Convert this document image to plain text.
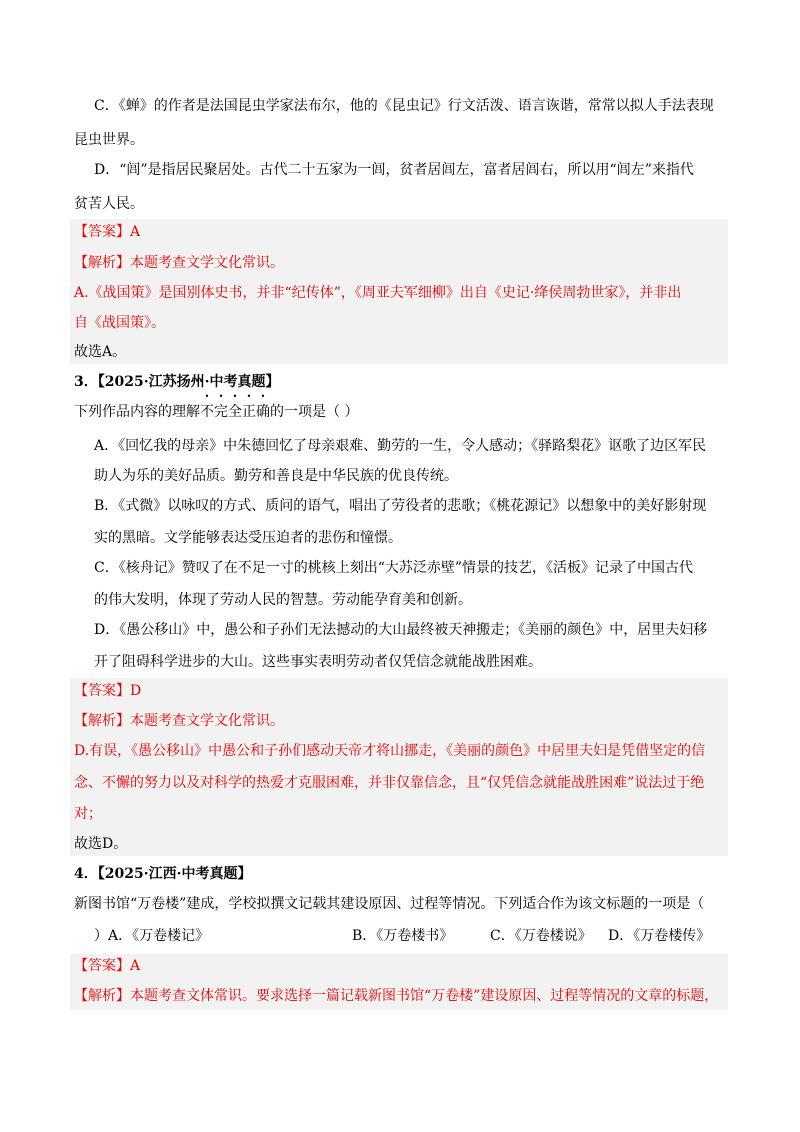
C．《蝉》的作者是法国昆虫学家法布尔，他的《昆虫记》行文活泼、语言诙谐，常常以拟人手法表现
昆虫世界。
D．“闾”是指居民聚居处。古代二十五家为一闾，贫者居闾左，富者居闾右，所以用“闾左”来指代
贫苦人民。
【答案】A
【解析】本题考查文学文化常识。
A.《战国策》是国别体史书，并非“纪传体”，《周亚夫军细柳》出自《史记·绛侯周勃世家》，并非出
自《战国策》。
故选A。
3．【2025·江苏扬州·中考真题】
下列作品内容的理解不完全正确的一项是（ ）
A．《回忆我的母亲》中朱德回忆了母亲艰难、勤劳的一生，令人感动；《驿路梨花》讴歌了边区军民
助人为乐的美好品质。勤劳和善良是中华民族的优良传统。
B．《式微》以咏叹的方式、质问的语气，唱出了劳役者的悲歌；《桃花源记》以想象中的美好影射现
实的黑暗。文学能够表达受压迫者的悲伤和憧憬。
C．《核舟记》赞叹了在不足一寸的桃核上刻出“大苏泛赤壁”情景的技艺，《活板》记录了中国古代
的伟大发明，体现了劳动人民的智慧。劳动能孕育美和创新。
D．《愚公移山》中，愚公和子孙们无法撼动的大山最终被天神搬走；《美丽的颜色》中，居里夫妇移
开了阻碍科学进步的大山。这些事实表明劳动者仅凭信念就能战胜困难。
【答案】D
【解析】本题考查文学文化常识。
D.有误，《愚公移山》中愚公和子孙们感动天帝才将山挪走，《美丽的颜色》中居里夫妇是凭借坚定的信
念、不懈的努力以及对科学的热爱才克服困难，并非仅靠信念，且“仅凭信念就能战胜困难”说法过于绝
对；
故选D。
4．【2025·江西·中考真题】
新图书馆“万卷楼”建成，学校拟撰文记载其建设原因、过程等情况。下列适合作为该文标题的一项是（
）A．《万卷楼记》	B．《万卷楼书》	C．《万卷楼说》 D．《万卷楼传》
【答案】A
【解析】本题考查文体常识。要求选择一篇记载新图书馆“万卷楼”建设原因、过程等情况的文章的标题，
